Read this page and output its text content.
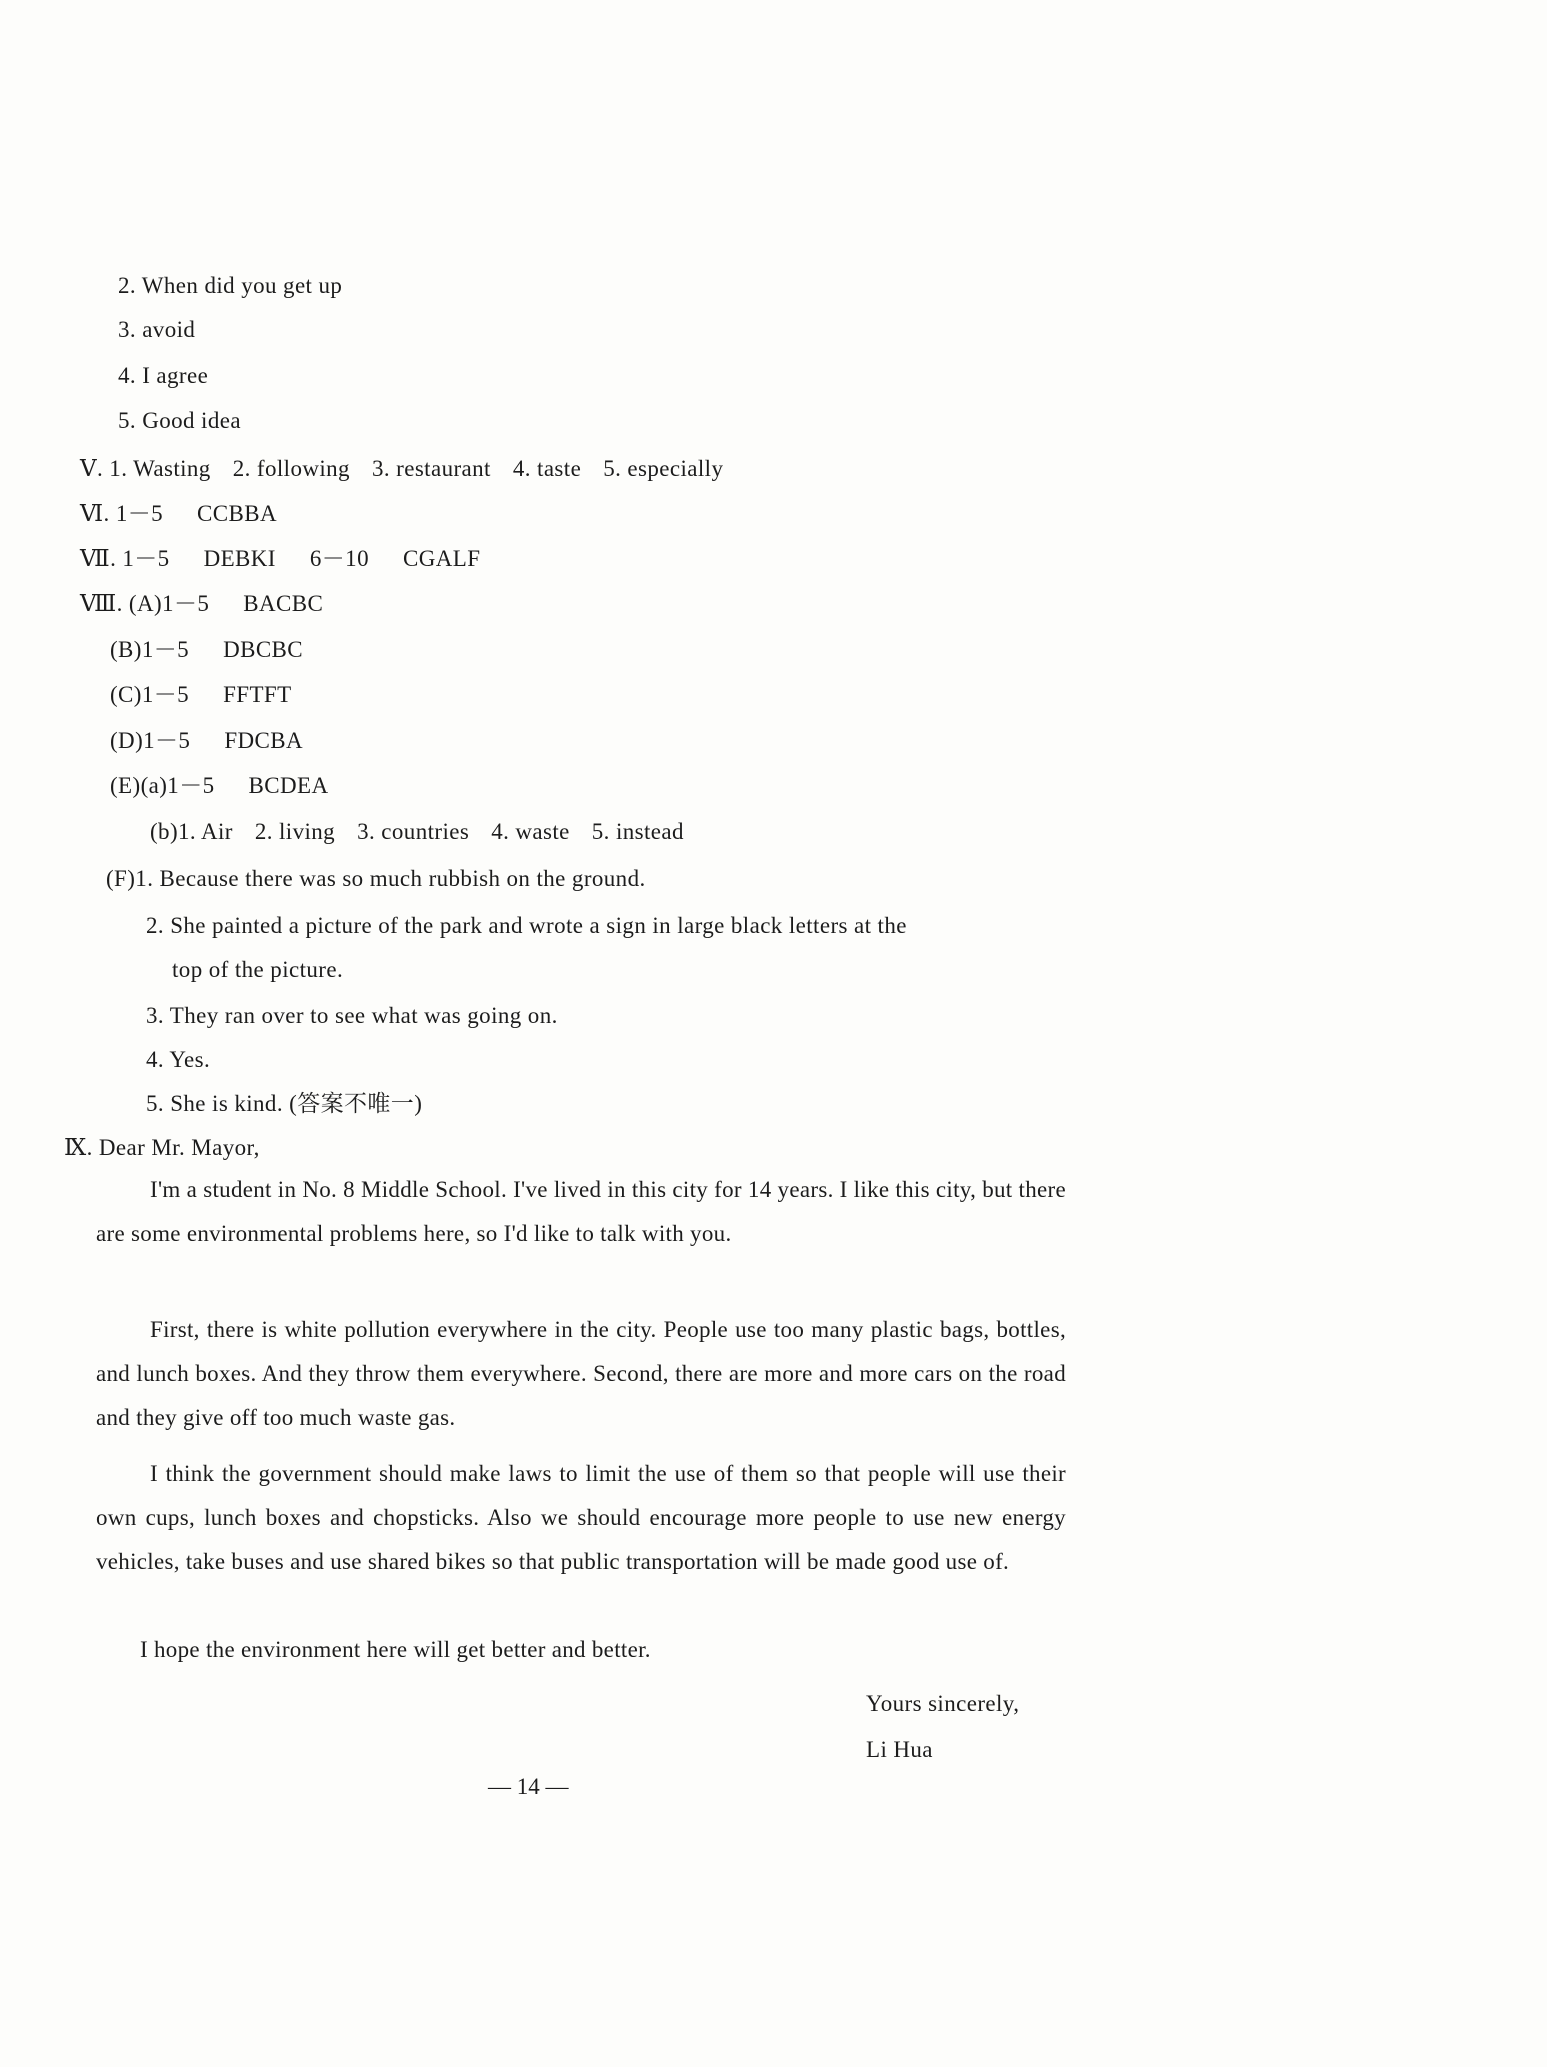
2. When did you get up
3. avoid
4. I agree
5. Good idea
Ⅴ. 1. Wasting 2. following 3. restaurant 4. taste 5. especially
Ⅵ. 1－5 CCBBA
Ⅶ. 1－5 DEBKI 6－10 CGALF
Ⅷ. (A)1－5 BACBC
(B)1－5 DBCBC
(C)1－5 FFTFT
(D)1－5 FDCBA
(E)(a)1－5 BCDEA
(b)1. Air 2. living 3. countries 4. waste 5. instead
(F)1. Because there was so much rubbish on the ground.
2. She painted a picture of the park and wrote a sign in large black letters at the
top of the picture.
3. They ran over to see what was going on.
4. Yes.
5. She is kind. (答案不唯一)
Ⅸ. Dear Mr. Mayor,
I'm a student in No. 8 Middle School. I've lived in this city for 14 years. I like this city, but there are some environmental problems here, so I'd like to talk with you.
First, there is white pollution everywhere in the city. People use too many plastic bags, bottles, and lunch boxes. And they throw them everywhere. Second, there are more and more cars on the road and they give off too much waste gas.
I think the government should make laws to limit the use of them so that people will use their own cups, lunch boxes and chopsticks. Also we should encourage more people to use new energy vehicles, take buses and use shared bikes so that public transportation will be made good use of.
I hope the environment here will get better and better.
Yours sincerely,
Li Hua
— 14 —
